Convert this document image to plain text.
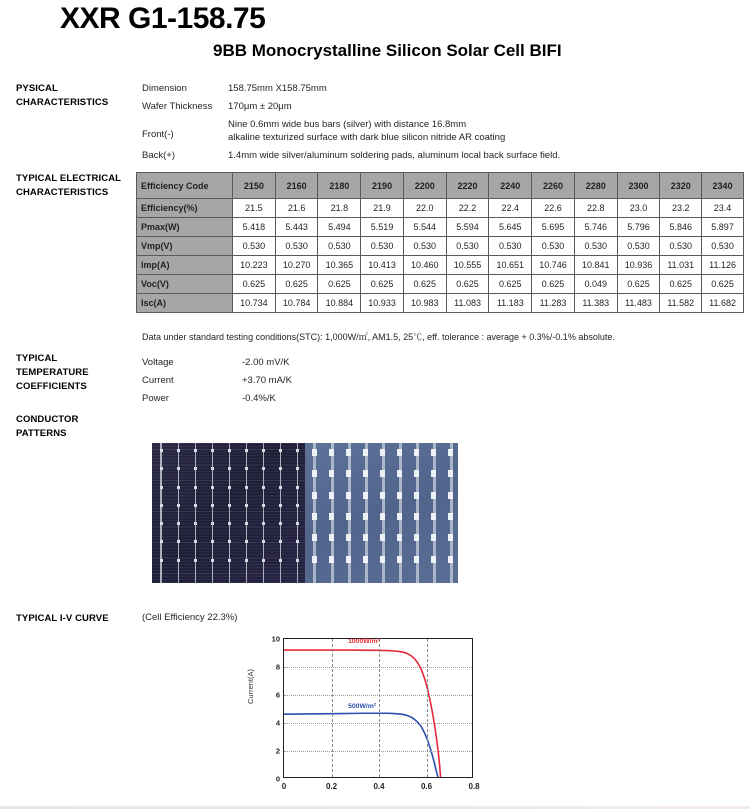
XXR G1-158.75
9BB Monocrystalline Silicon Solar Cell BIFI
PYSICAL
CHARACTERISTICS
TYPICAL ELECTRICAL
CHARACTERISTICS
TYPICAL
TEMPERATURE
COEFFICIENTS
CONDUCTOR
PATTERNS
TYPICAL I-V CURVE
Dimension	158.75mm X158.75mm
Wafer Thickness	170μm ± 20μm
Front(-)
Nine 0.6mm wide bus bars (silver) with distance 16.8mm
alkaline texturized surface with dark blue silicon nitride AR coating
Back(+)	1.4mm wide silver/aluminum soldering pads, aluminum local back surface field.
Efficiency Code	2150	2160	2180	2190	2200	2220	2240	2260	2280	2300	2320	2340
Efficiency(%)	21.5	21.6	21.8	21.9	22.0	22.2	22.4	22.6	22.8	23.0	23.2	23.4
Pmax(W)	5.418	5.443	5.494	5.519	5.544	5.594	5.645	5.695	5.746	5.796	5.846	5.897
Vmp(V)	0.530	0.530	0.530	0.530	0.530	0.530	0.530	0.530	0.530	0.530	0.530	0.530
Imp(A)	10.223	10.270	10.365	10.413	10.460	10.555	10.651	10.746	10.841	10.936	11.031	11.126
Voc(V)	0.625	0.625	0.625	0.625	0.625	0.625	0.625	0.625	0.049	0.625	0.625	0.625
Isc(A)	10.734	10.784	10.884	10.933	10.983	11.083	11.183	11.283	11.383	11.483	11.582	11.682
Data under standard testing conditions(STC): 1,000W/㎡, AM1.5, 25℃, eff. tolerance : average + 0.3%/-0.1% absolute.
Voltage	-2.00 mV/K
Current	+3.70 mA/K
Power	-0.4%/K
(Cell Efficiency 22.3%)
Current(A)
0
2
4
6
8
10
0	0.2	0.4	0.6	0.8
1000W/m²
500W/m²
